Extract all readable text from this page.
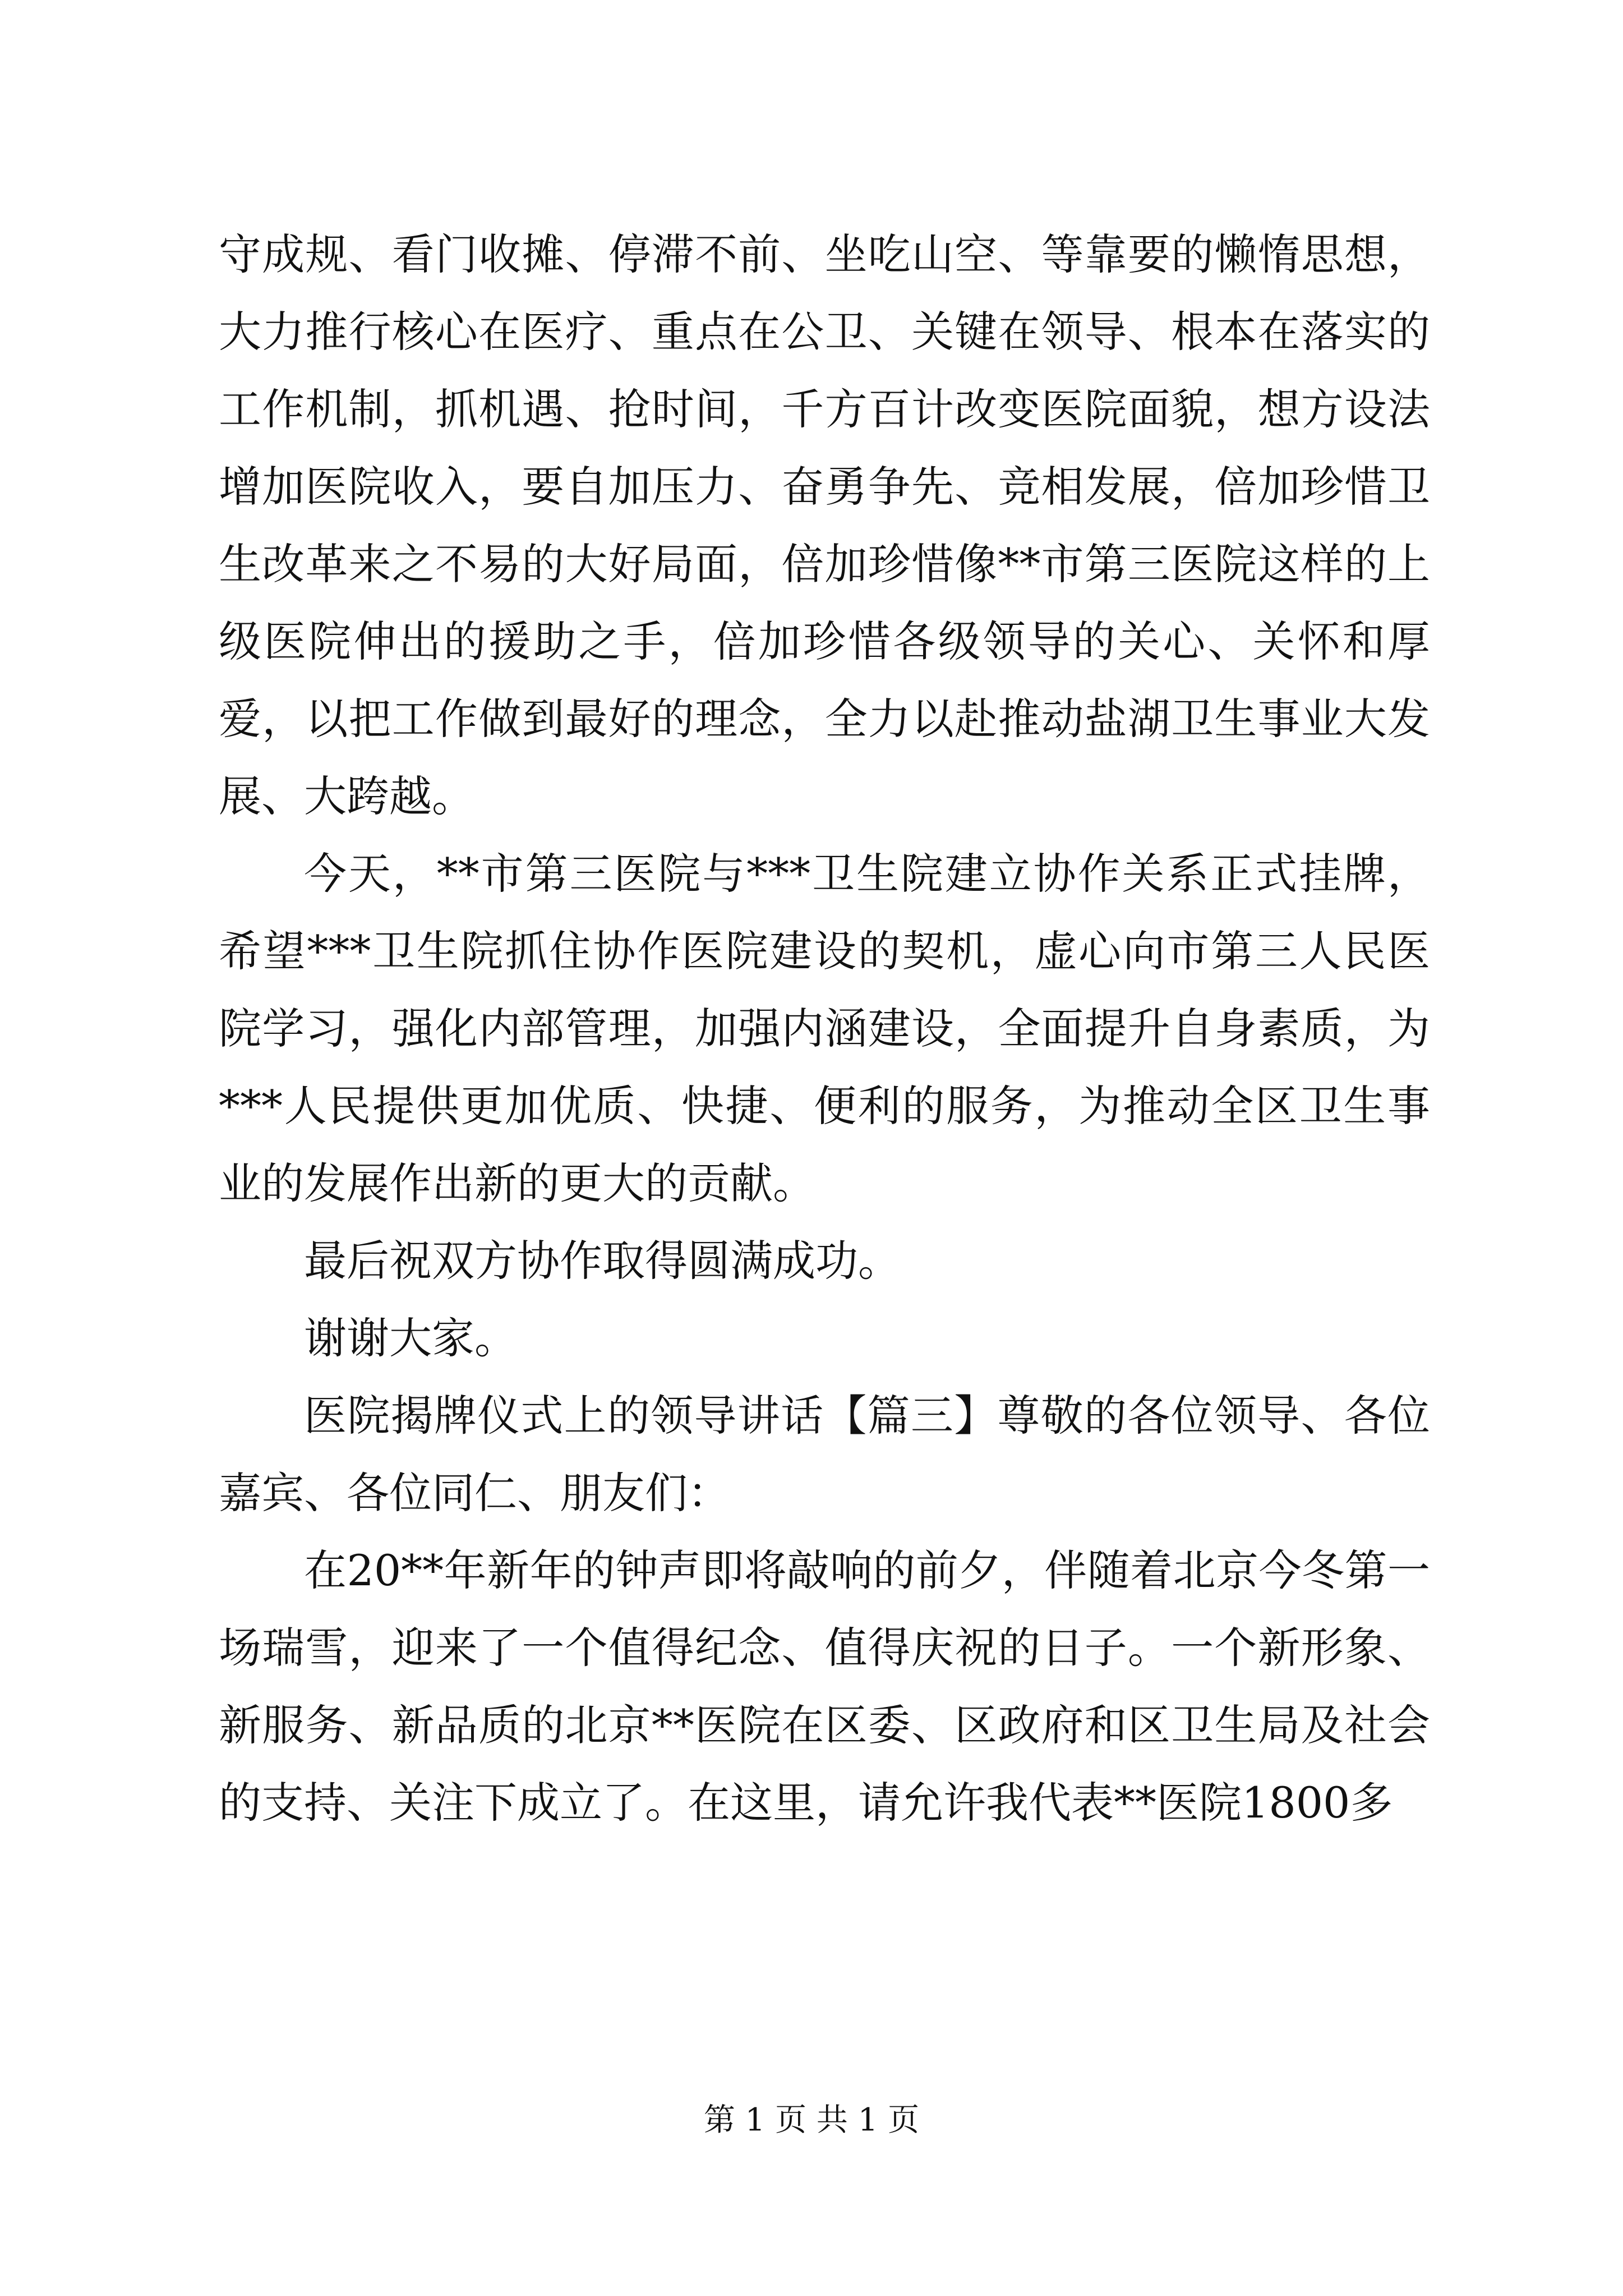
守成规、看门收摊、停滞不前、坐吃山空、等靠要的懒惰思想，大力推行核心在医疗、重点在公卫、关键在领导、根本在落实的工作机制，抓机遇、抢时间，千方百计改变医院面貌，想方设法增加医院收入，要自加压力、奋勇争先、竞相发展，倍加珍惜卫生改革来之不易的大好局面，倍加珍惜像**市第三医院这样的上级医院伸出的援助之手，倍加珍惜各级领导的关心、关怀和厚爱，以把工作做到最好的理念，全力以赴推动盐湖卫生事业大发展、大跨越。

今天，**市第三医院与***卫生院建立协作关系正式挂牌，希望***卫生院抓住协作医院建设的契机，虚心向市第三人民医院学习，强化内部管理，加强内涵建设，全面提升自身素质，为***人民提供更加优质、快捷、便利的服务，为推动全区卫生事业的发展作出新的更大的贡献。

最后祝双方协作取得圆满成功。

谢谢大家。

医院揭牌仪式上的领导讲话【篇三】尊敬的各位领导、各位嘉宾、各位同仁、朋友们：

在20**年新年的钟声即将敲响的前夕，伴随着北京今冬第一场瑞雪，迎来了一个值得纪念、值得庆祝的日子。一个新形象、新服务、新品质的北京**医院在区委、区政府和区卫生局及社会的支持、关注下成立了。在这里，请允许我代表**医院1800多

第 1 页 共 1 页
